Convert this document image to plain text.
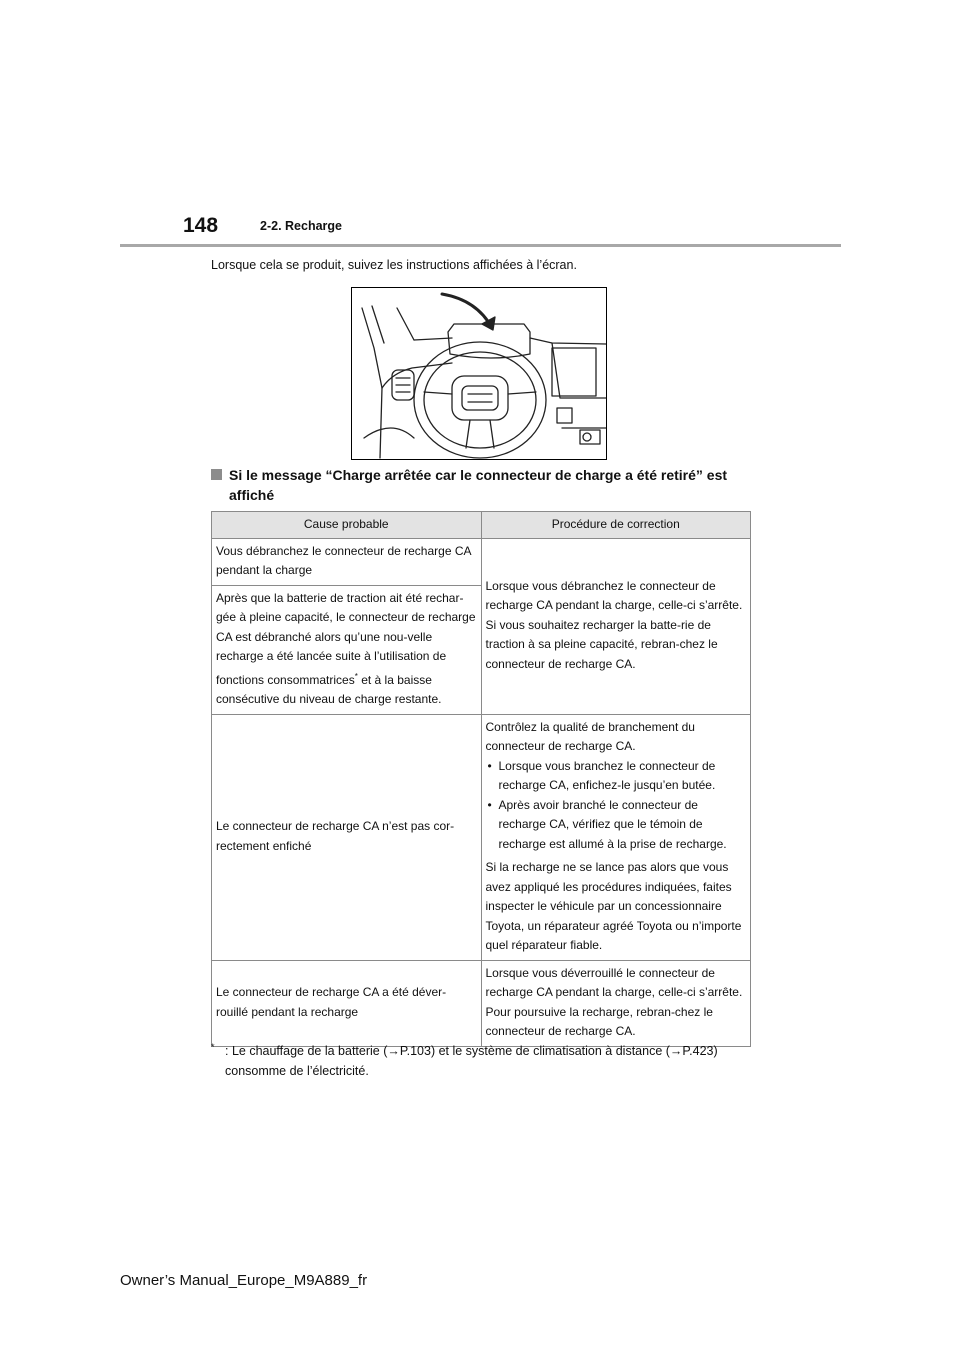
148	2-2. Recharge
Lorsque cela se produit, suivez les instructions affichées à l’écran.
Si le message “Charge arrêtée car le connecteur de charge a été retiré” est affiché
Cause probable	Procédure de correction
Vous débranchez le connecteur de recharge CA pendant la charge	Lorsque vous débranchez le connecteur de recharge CA pendant la charge, celle-ci s’arrête. Si vous souhaitez recharger la batte-rie de traction à sa pleine capacité, rebran-chez le connecteur de recharge CA.
Après que la batterie de traction ait été rechar-gée à pleine capacité, le connecteur de recharge CA est débranché alors qu’une nou-velle recharge a été lancée suite à l’utilisation de fonctions consommatrices* et à la baisse consécutive du niveau de charge restante.	
Le connecteur de recharge CA n’est pas cor-rectement enfiché	Contrôlez la qualité de branchement du connecteur de recharge CA.

• Lorsque vous branchez le connecteur de recharge CA, enfichez-le jusqu’en butée.
• Après avoir branché le connecteur de recharge CA, vérifiez que le témoin de recharge est allumé à la prise de recharge.

Si la recharge ne se lance pas alors que vous avez appliqué les procédures indiquées, faites inspecter le véhicule par un concessionnaire Toyota, un réparateur agréé Toyota ou n’importe quel réparateur fiable.

Le connecteur de recharge CA a été déver-rouillé pendant la recharge	Lorsque vous déverrouillé le connecteur de recharge CA pendant la charge, celle-ci s’arrête. Pour poursuive la recharge, rebran-chez le connecteur de recharge CA.
* : Le chauffage de la batterie (→P.103) et le système de climatisation à distance (→P.423)
consomme de l’électricité.
Owner’s Manual_Europe_M9A889_fr
